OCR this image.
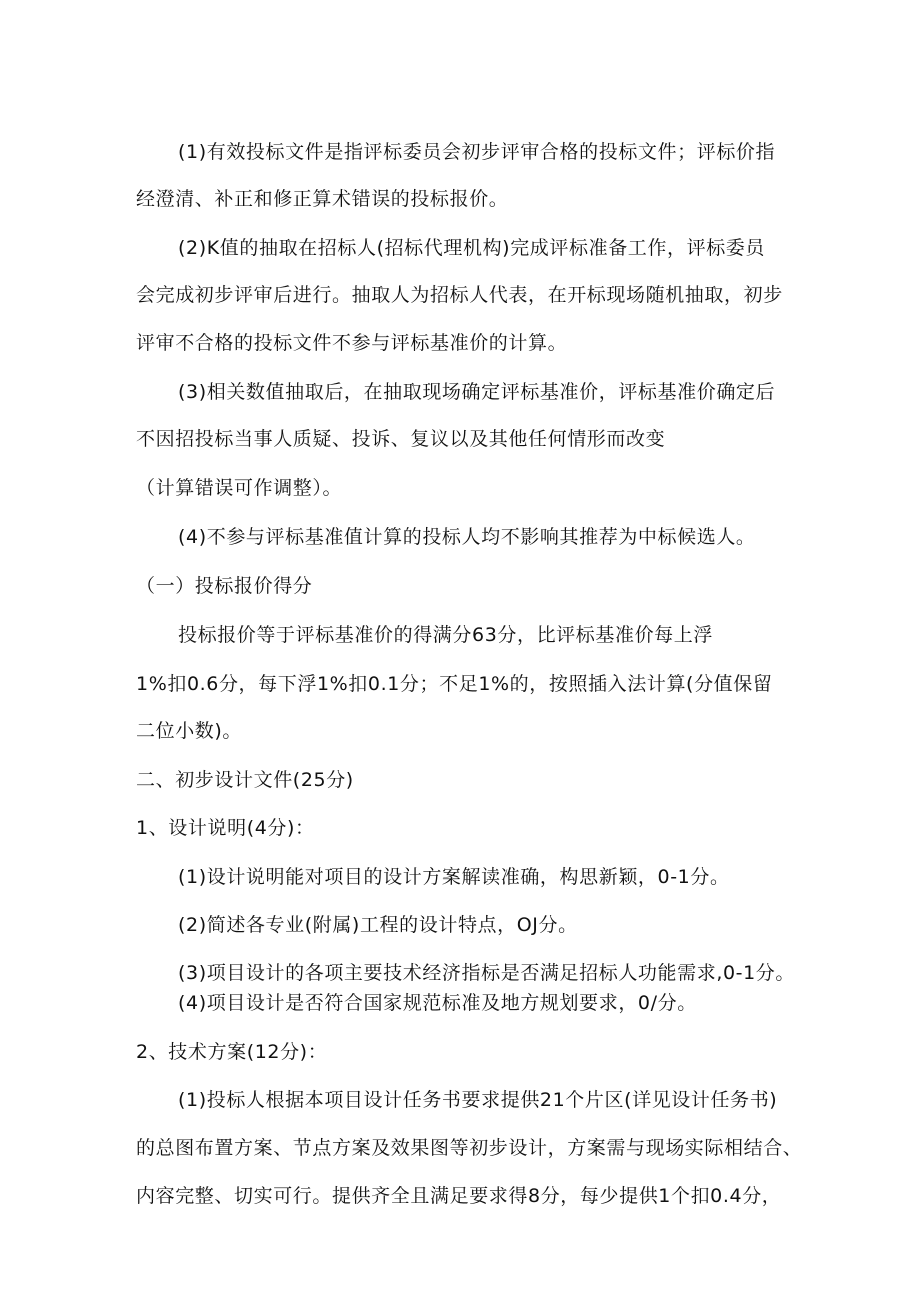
(1)有效投标文件是指评标委员会初步评审合格的投标文件；评标价指

经澄清、补正和修正算术错误的投标报价。

(2)K值的抽取在招标人(招标代理机构)完成评标准备工作，评标委员

会完成初步评审后进行。抽取人为招标人代表，在开标现场随机抽取，初步

评审不合格的投标文件不参与评标基准价的计算。

(3)相关数值抽取后，在抽取现场确定评标基准价，评标基准价确定后

不因招投标当事人质疑、投诉、复议以及其他任何情形而改变

（计算错误可作调整）。

(4)不参与评标基准值计算的投标人均不影响其推荐为中标候选人。

（一）投标报价得分

投标报价等于评标基准价的得满分63分，比评标基准价每上浮

1%扣0.6分，每下浮1%扣0.1分；不足1%的，按照插入法计算(分值保留

二位小数)。

二、初步设计文件(25分)

1、设计说明(4分)：

(1)设计说明能对项目的设计方案解读准确，构思新颖，0-1分。

(2)简述各专业(附属)工程的设计特点，OJ分。

(3)项目设计的各项主要技术经济指标是否满足招标人功能需求,0-1分。

(4)项目设计是否符合国家规范标准及地方规划要求，0/分。

2、技术方案(12分)：

(1)投标人根据本项目设计任务书要求提供21个片区(详见设计任务书)

的总图布置方案、节点方案及效果图等初步设计，方案需与现场实际相结合、

内容完整、切实可行。提供齐全且满足要求得8分，每少提供1个扣0.4分，
